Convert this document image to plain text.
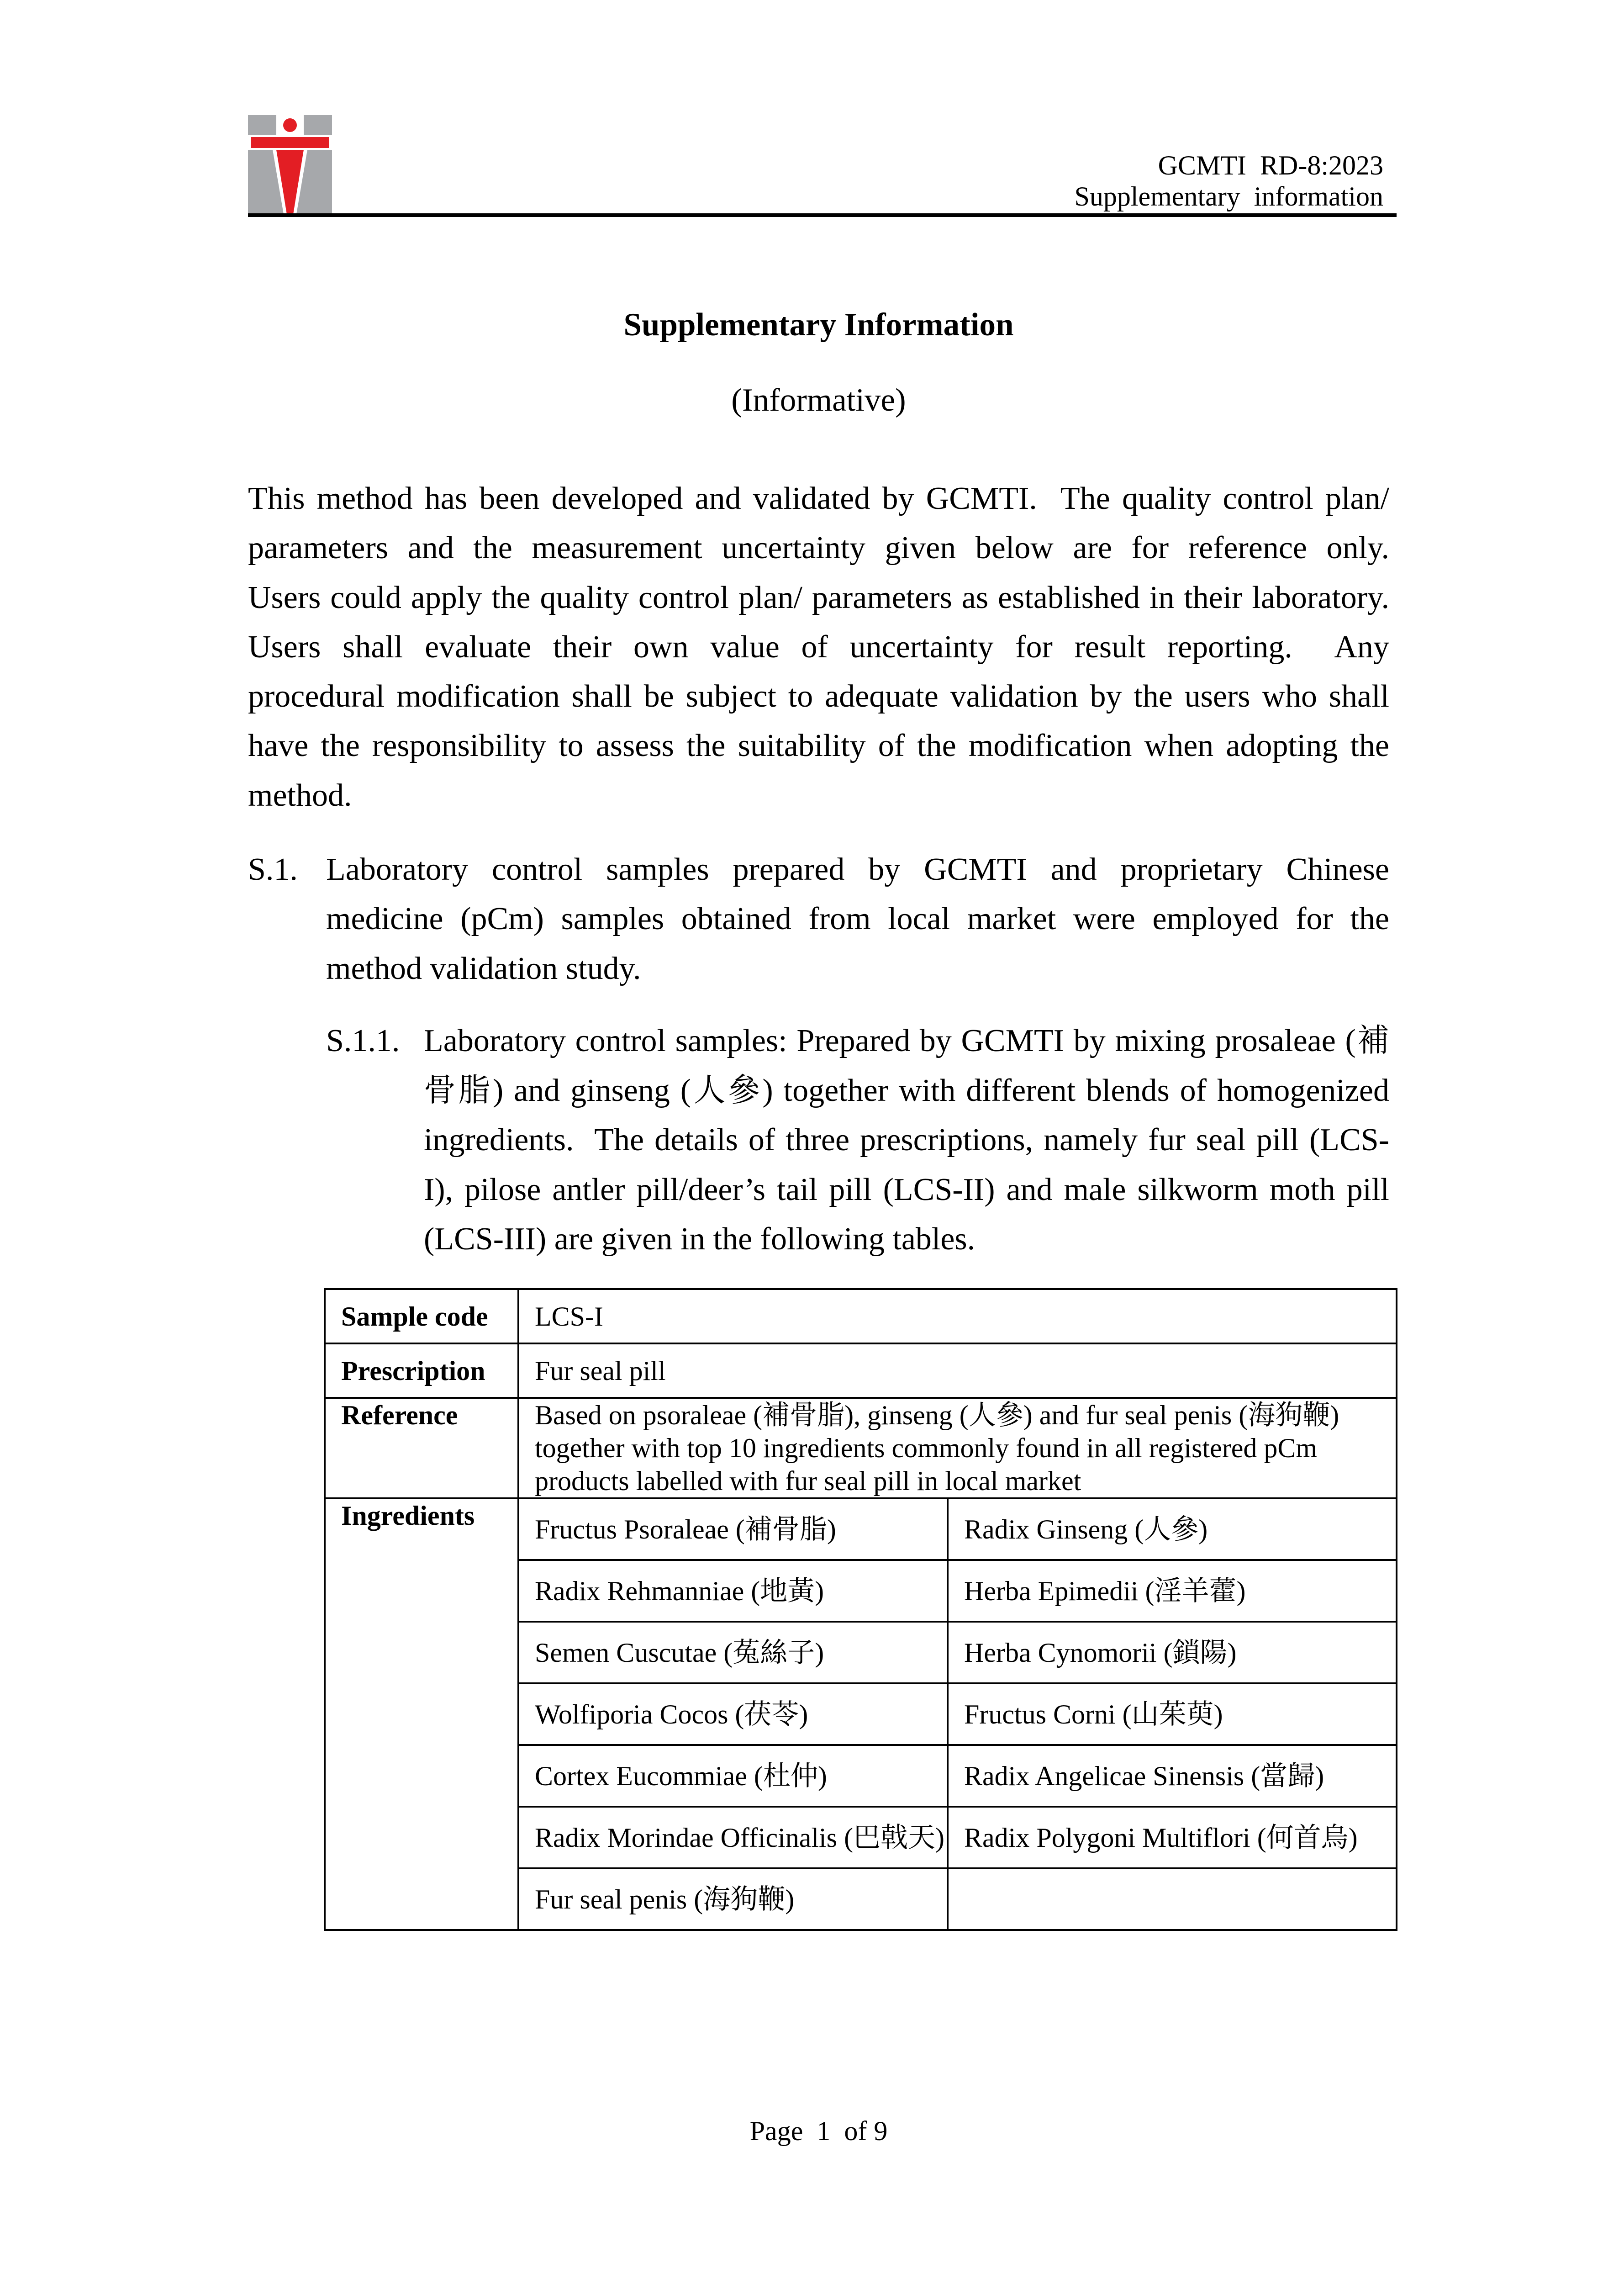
GCMTI  RD-8:2023
Supplementary  information
Supplementary Information
(Informative)
This method has been developed and validated by GCMTI.  The quality control plan/
parameters and the measurement uncertainty given below are for reference only.
Users could apply the quality control plan/ parameters as established in their laboratory.
Users shall evaluate their own value of uncertainty for result reporting.  Any
procedural modification shall be subject to adequate validation by the users who shall
have the responsibility to assess the suitability of the modification when adopting the
method.
S.1. Laboratory control samples prepared by GCMTI and proprietary Chinese
medicine (pCm) samples obtained from local market were employed for the
method validation study.
S.1.1. Laboratory control samples: Prepared by GCMTI by mixing prosaleae (補
骨脂) and ginseng (人參) together with different blends of homogenized
ingredients.  The details of three prescriptions, namely fur seal pill (LCS-
I), pilose antler pill/deer’s tail pill (LCS-II) and male silkworm moth pill
(LCS-III) are given in the following tables.
Sample code	LCS-I	
Prescription	Fur seal pill	
Reference	Based on psoraleae (補骨脂), ginseng (人參) and fur seal penis (海狗鞭)
together with top 10 ingredients commonly found in all registered pCm
products labelled with fur seal pill in local market	

Ingredients	Fructus Psoraleae (補骨脂)	Radix Ginseng (人參)
	Radix Rehmanniae (地黃)	Herba Epimedii (淫羊藿)
	Semen Cuscutae (菟絲子)	Herba Cynomorii (鎖陽)
	Wolfiporia Cocos (茯苓)	Fructus Corni (山茱萸)
	Cortex Eucommiae (杜仲)	Radix Angelicae Sinensis (當歸)
	Radix Morindae Officinalis (巴戟天)	Radix Polygoni Multiflori (何首烏)
	Fur seal penis (海狗鞭)	
Page 1 of 9
